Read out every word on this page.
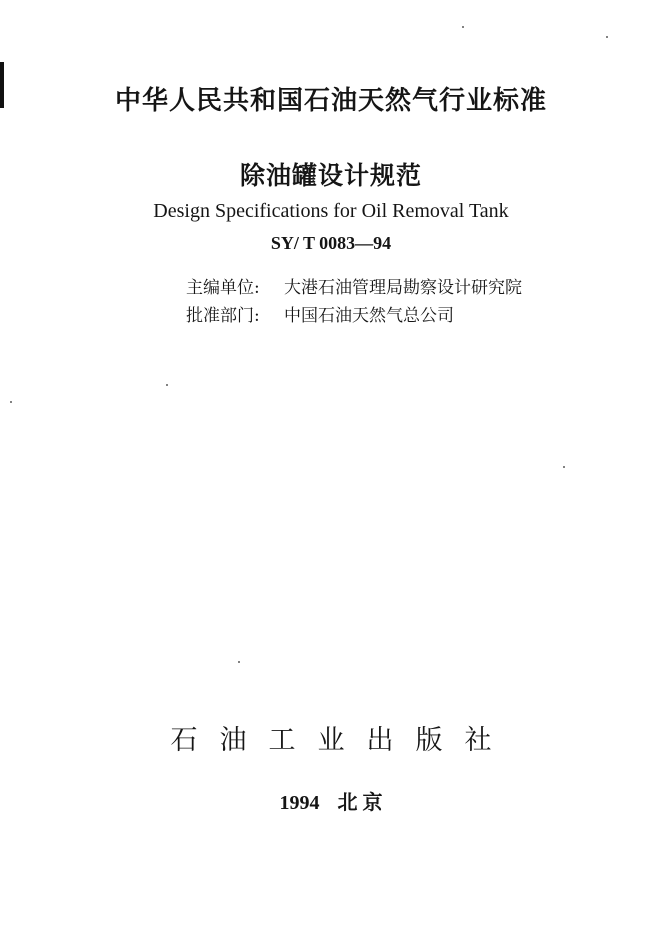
中华人民共和国石油天然气行业标准
除油罐设计规范
Design Specifications for Oil Removal Tank
SY/ T 0083—94
主编单位: 大港石油管理局勘察设计研究院
批准部门: 中国石油天然气总公司
石油工业出版社
1994 北 京
